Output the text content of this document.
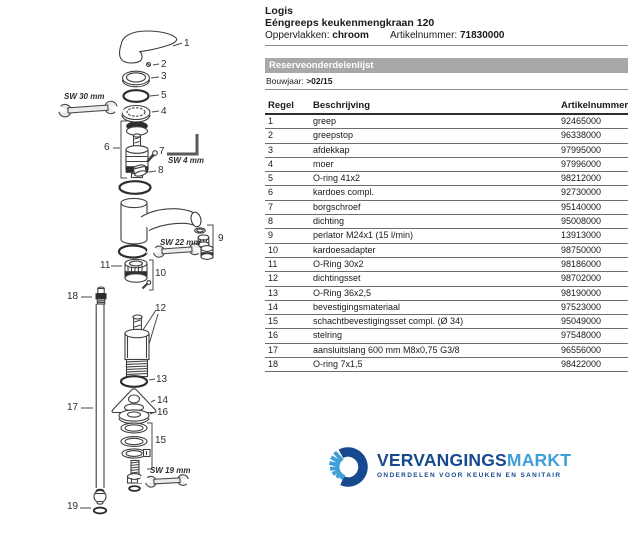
1
2
3
5
4
6	7
8
9
10
11
12
13
14
16
15
17
18
19
SW 30 mm
SW 4 mm
SW 22 mm
SW 19 mm
Logis
Eéngreeps keukenmengkraan 120
Oppervlakken: chroom Artikelnummer: 71830000
Reserveonderdelenlijst
Bouwjaar: >02/15
Regel	Beschrijving	Artikelnummer
1	greep	92465000
2	greepstop	96338000
3	afdekkap	97995000
4	moer	97996000
5	O-ring 41x2	98212000
6	kardoes compl.	92730000
7	borgschroef	95140000
8	dichting	95008000
9	perlator M24x1 (15 l/min)	13913000
10	kardoesadapter	98750000
11	O-Ring 30x2	98186000
12	dichtingsset	98702000
13	O-Ring 36x2,5	98190000
14	bevestigingsmateriaal	97523000
15	schachtbevestigingsset compl. (Ø 34)	95049000
16	stelring	97548000
17	aansluitslang 600 mm M8x0,75 G3/8	96556000
18	O-ring 7x1,5	98422000
VERVANGINGSMARKT
ONDERDELEN VOOR KEUKEN EN SANITAIR
